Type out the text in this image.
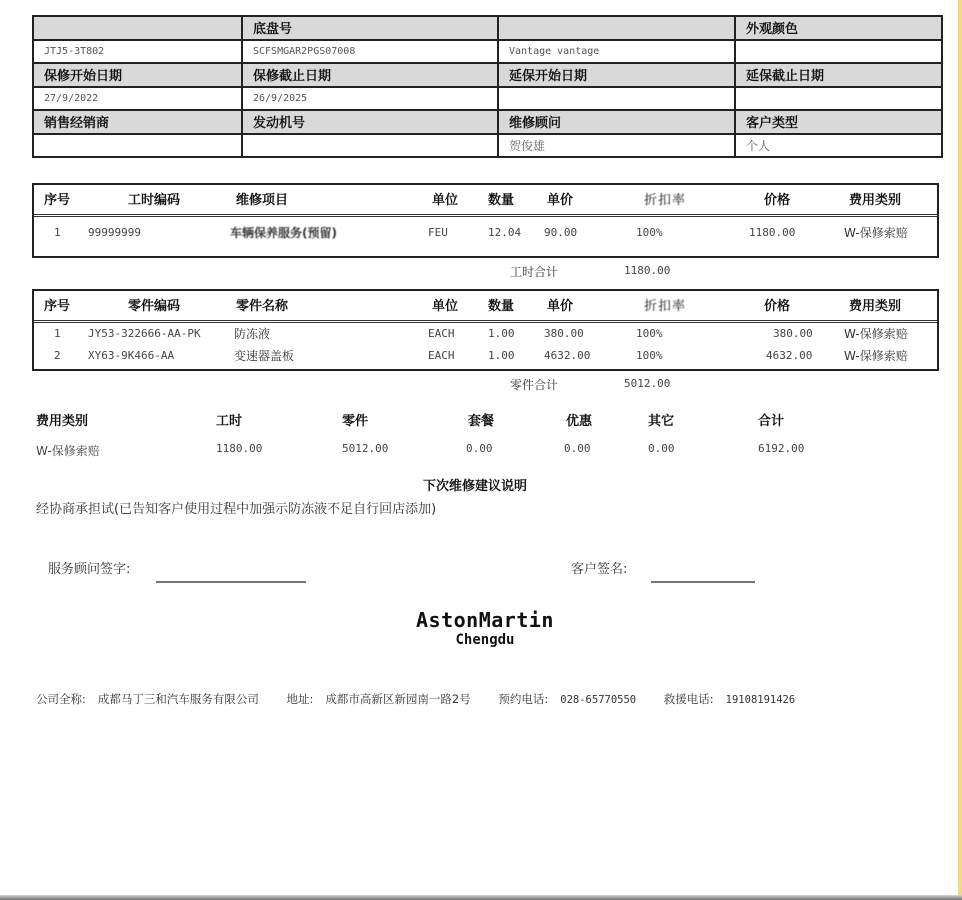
	底盘号		外观颜色
JTJ5-3T802	SCFSMGAR2PGS07008	Vantage vantage	
保修开始日期	保修截止日期	延保开始日期	延保截止日期
27/9/2022	26/9/2025		
销售经销商	发动机号	维修顾问	客户类型
		贺俊雄	个人
序号	工时编码	维修项目	单位 数量	单价	折扣率	价格	费用类别
1 99999999	车辆保养服务(预留)	FEU	12.04 90.00	100%	1180.00	W-保修索赔
工时合计	1180.00
序号	零件编码	零件名称	单位 数量	单价	折扣率	价格	费用类别
1 JY53-322666-AA-PK	防冻液	EACH	1.00	380.00	100%	380.00	W-保修索赔
2 XY63-9K466-AA	变速器盖板	EACH	1.00	4632.00	100%	4632.00	W-保修索赔
零件合计	5012.00
费用类别	工时	零件	套餐	优惠	其它	合计
W-保修索赔	1180.00	5012.00	0.00	0.00	0.00	6192.00
下次维修建议说明
经协商承担试(已告知客户使用过程中加强示防冻液不足自行回店添加)
服务顾问签字:	客户签名:
AstonMartin
Chengdu
公司全称: 成都马丁三和汽车服务有限公司 地址: 成都市高新区新园南一路2号 预约电话: 028-65770550 救援电话: 19108191426
